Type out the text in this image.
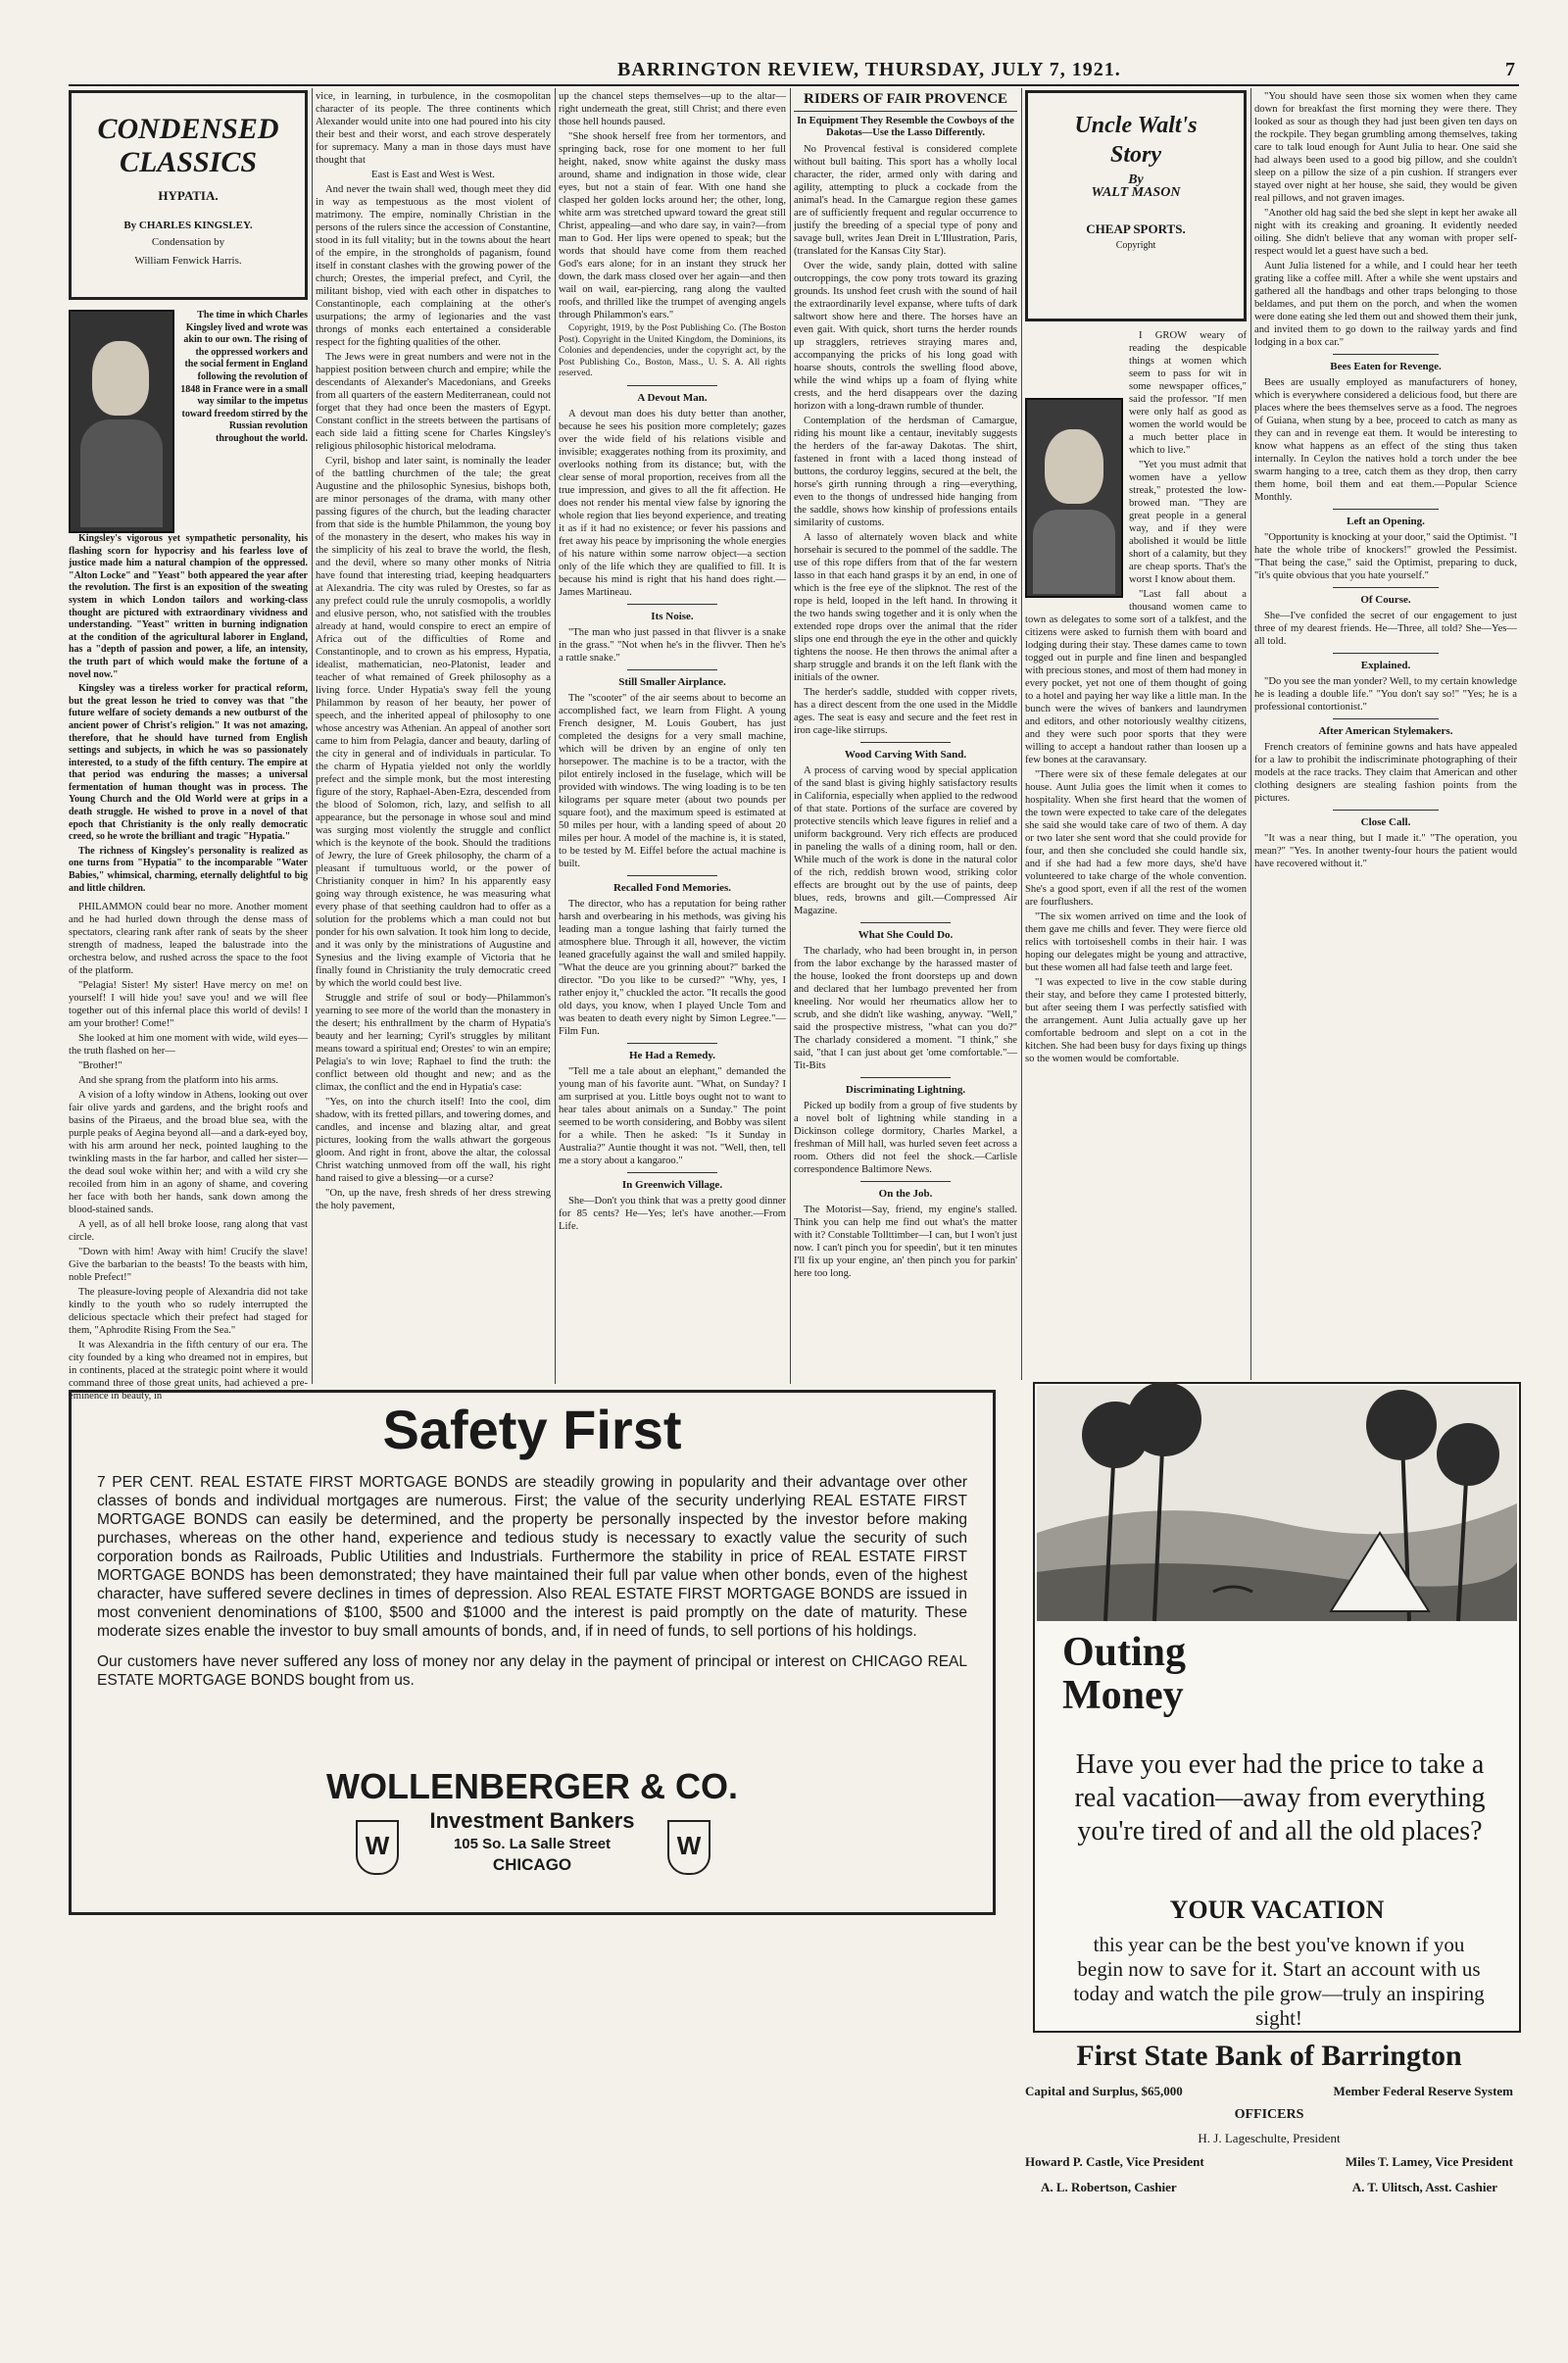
BARRINGTON REVIEW, THURSDAY, JULY 7, 1921.	7
CONDENSED
CLASSICS
HYPATIA.
By CHARLES KINGSLEY.
Condensation by
William Fenwick Harris.
The time in which Charles Kingsley lived and wrote was akin to our own. The rising of the oppressed workers and the social ferment in England following the revolution of 1848 in France were in a small way similar to the impetus toward freedom stirred by the Russian revolution throughout the world.

Kingsley's vigorous yet sympathetic personality, his flashing scorn for hypocrisy and his fearless love of justice made him a natural champion of the oppressed. "Alton Locke" and "Yeast" both appeared the year after the revolution. The first is an exposition of the sweating system in which London tailors and working-class thought are pictured with extraordinary vividness and understanding. "Yeast" written in burning indignation at the condition of the agricultural laborer in England, has a "depth of passion and power, a life, an intensity, the truth part of which would make the fortune of a novel now."

Kingsley was a tireless worker for practical reform, but the great lesson he tried to convey was that "the future welfare of society demands a new outburst of the ancient power of Christ's religion." It was not amazing, therefore, that he should have turned from English settings and subjects, in which he was so passionately interested, to a study of the fifth century. The empire at that period was enduring the masses; a universal fermentation of human thought was in process. The Young Church and the Old World were at grips in a death struggle. He wished to prove in a novel of that epoch that Christianity is the only really democratic creed, so he wrote the brilliant and tragic "Hypatia."

The richness of Kingsley's personality is realized as one turns from "Hypatia" to the incomparable "Water Babies," whimsical, charming, eternally delightful to big and little children.

PHILAMMON could bear no more. Another moment and he had hurled down through the dense mass of spectators, clearing rank after rank of seats by the sheer strength of madness, leaped the balustrade into the orchestra below, and rushed across the space to the foot of the platform.

"Pelagia! Sister! My sister! Have mercy on me! on yourself! I will hide you! save you! and we will flee together out of this infernal place this world of devils! I am your brother! Come!"

She looked at him one moment with wide, wild eyes—the truth flashed on her—

"Brother!"

And she sprang from the platform into his arms.

A vision of a lofty window in Athens, looking out over fair olive yards and gardens, and the bright roofs and basins of the Piraeus, and the broad blue sea, with the purple peaks of Aegina beyond all—and a dark-eyed boy, with his arm around her neck, pointed laughing to the twinkling masts in the far harbor, and called her sister—the dead soul woke within her; and with a wild cry she recoiled from him in an agony of shame, and covering her face with both her hands, sank down among the blood-stained sands.

A yell, as of all hell broke loose, rang along that vast circle.

"Down with him! Away with him! Crucify the slave! Give the barbarian to the beasts! To the beasts with him, noble Prefect!"

The pleasure-loving people of Alexandria did not take kindly to the youth who so rudely interrupted the delicious spectacle which their prefect had staged for them, "Aphrodite Rising From the Sea."

It was Alexandria in the fifth century of our era. The city founded by a king who dreamed not in empires, but in continents, placed at the strategic point where it would command three of those great units, had achieved a pre-eminence in beauty, in

vice, in learning, in turbulence, in the cosmopolitan character of its people. The three continents which Alexander would unite into one had poured into his city their best and their worst, and each strove desperately for supremacy. Many a man in those days must have thought that

East is East and West is West.

And never the twain shall wed, though meet they did in way as tempestuous as the most violent of matrimony. The empire, nominally Christian in the persons of the rulers since the accession of Constantine, stood in its full vitality; but in the towns about the heart of the empire, in the strongholds of paganism, found itself in constant clashes with the growing power of the church; Orestes, the imperial prefect, and Cyril, the militant bishop, vied with each other in dispatches to Constantinople, each complaining at the other's usurpations; the army of legionaries and the vast throngs of monks each entertained a considerable respect for the fighting qualities of the other.

The Jews were in great numbers and were not in the happiest position between church and empire; while the descendants of Alexander's Macedonians, and Greeks from all quarters of the eastern Mediterranean, could not forget that they had once been the masters of Egypt. Constant conflict in the streets between the partisans of each side laid a fitting scene for Charles Kingsley's religious philosophic historical melodrama.

Cyril, bishop and later saint, is nominally the leader of the battling churchmen of the tale; the great Augustine and the philosophic Synesius, bishops both, are minor personages of the drama, with many other passing figures of the church, but the leading character from that side is the humble Philammon, the young boy of the monastery in the desert, who makes his way in the simplicity of his zeal to brave the world, the flesh, and the devil, where so many other monks of Nitria have found that interesting triad, keeping headquarters at Alexandria. The city was ruled by Orestes, so far as any prefect could rule the unruly cosmopolis, a worldly and elusive person, who, not satisfied with the troubles already at hand, would conspire to erect an empire of Africa out of the difficulties of Rome and Constantinople, and to crown as his empress, Hypatia, idealist, mathematician, neo-Platonist, leader and teacher of what remained of Greek philosophy as a living force. Under Hypatia's sway fell the young Philammon by reason of her beauty, her power of speech, and the inherited appeal of philosophy to one whose ancestry was Athenian. An appeal of another sort came to him from Pelagia, dancer and beauty, darling of the city in general and of individuals in particular. To the charm of Hypatia yielded not only the worldly prefect and the simple monk, but the most interesting figure of the story, Raphael-Aben-Ezra, descended from the blood of Solomon, rich, lazy, and selfish to all appearance, but the personage in whose soul and mind was surging most violently the struggle and conflict which is the keynote of the book. Should the traditions of Jewry, the lure of Greek philosophy, the charm of a pleasant if tumultuous world, or the power of Christianity conquer in him? In his apparently easy going way through existence, he was measuring what every phase of that seething cauldron had to offer as a solution for the problems which a man could not but ponder for his own salvation. It took him long to decide, and it was only by the ministrations of Augustine and Synesius and the living example of Victoria that he finally found in Christianity the truly democratic creed by which the world could best live.

Struggle and strife of soul or body—Philammon's yearning to see more of the world than the monastery in the desert; his enthrallment by the charm of Hypatia's beauty and her learning; Cyril's struggles by militant means toward a spiritual end; Orestes' to win an empire; Pelagia's to win love; Raphael to find the truth: the conflict between old thought and new; and as the climax, the conflict and the end in Hypatia's case:

"Yes, on into the church itself! Into the cool, dim shadow, with its fretted pillars, and towering domes, and candles, and incense and blazing altar, and great pictures, looking from the walls athwart the gorgeous gloom. And right in front, above the altar, the colossal Christ watching unmoved from off the wall, his right hand raised to give a blessing—or a curse?

"On, up the nave, fresh shreds of her dress strewing the holy pavement,

up the chancel steps themselves—up to the altar—right underneath the great, still Christ; and there even those hell hounds paused.

"She shook herself free from her tormentors, and springing back, rose for one moment to her full height, naked, snow white against the dusky mass around, shame and indignation in those wide, clear eyes, but not a stain of fear. With one hand she clasped her golden locks around her; the other, long, white arm was stretched upward toward the great still Christ, appealing—and who dare say, in vain?—from man to God. Her lips were opened to speak; but the words that should have come from them reached God's ears alone; for in an instant they struck her down, the dark mass closed over her again—and then wail on wail, ear-piercing, rang along the vaulted roofs, and thrilled like the trumpet of avenging angels through Philammon's ears."

Copyright, 1919, by the Post Publishing Co. (The Boston Post). Copyright in the United Kingdom, the Dominions, its Colonies and dependencies, under the copyright act, by the Post Publishing Co., Boston, Mass., U. S. A. All rights reserved.

A Devout Man.

A devout man does his duty better than another, because he sees his position more completely; gazes over the wide field of his relations visible and invisible; exaggerates nothing from its proximity, and overlooks nothing from its distance; but, with the clear sense of moral proportion, receives from all the true impression, and gives to all the fit affection. He does not render his mental view false by ignoring the whole region that lies beyond experience, and treating it as if it had no existence; or fever his passions and fret away his peace by imprisoning the whole energies of his nature within some narrow object—a section only of the life which they are qualified to fill. It is because his mind is right that his hand does right.—James Martineau.

Its Noise.

"The man who just passed in that flivver is a snake in the grass." "Not when he's in the flivver. Then he's a rattle snake."

Still Smaller Airplance.

The "scooter" of the air seems about to become an accomplished fact, we learn from Flight. A young French designer, M. Louis Goubert, has just completed the designs for a very small machine, which will be driven by an engine of only ten horsepower. The machine is to be a tractor, with the pilot entirely inclosed in the fuselage, which will be provided with windows. The wing loading is to be ten kilograms per square meter (about two pounds per square foot), and the maximum speed is estimated at 50 miles per hour, with a landing speed of about 20 miles per hour. A model of the machine is, it is stated, to be tested by M. Eiffel before the actual machine is built.

Recalled Fond Memories.

The director, who has a reputation for being rather harsh and overbearing in his methods, was giving his leading man a tongue lashing that fairly turned the atmosphere blue. Through it all, however, the victim leaned gracefully against the wall and smiled happily. "What the deuce are you grinning about?" barked the director. "Do you like to be cursed?" "Why, yes, I rather enjoy it," chuckled the actor. "It recalls the good old days, you know, when I played Uncle Tom and was beaten to death every night by Simon Legree."—Film Fun.

He Had a Remedy.

"Tell me a tale about an elephant," demanded the young man of his favorite aunt. "What, on Sunday? I am surprised at you. Little boys ought not to want to hear tales about animals on a Sunday." The point seemed to be worth considering, and Bobby was silent for a while. Then he asked: "Is it Sunday in Australia?" Auntie thought it was not. "Well, then, tell me a story about a kangaroo."

In Greenwich Village.

She—Don't you think that was a pretty good dinner for 85 cents? He—Yes; let's have another.—From Life.

RIDERS OF FAIR PROVENCE
In Equipment They Resemble the Cowboys of the Dakotas—Use the Lasso Differently.

No Provencal festival is considered complete without bull baiting. This sport has a wholly local character, the rider, armed only with daring and agility, attempting to pluck a cockade from the animal's head. In the Camargue region these games are of sufficiently frequent and regular occurrence to justify the breeding of a special type of pony and savage bull, writes Jean Dreit in L'Illustration, Paris, (translated for the Kansas City Star).

Over the wide, sandy plain, dotted with saline outcroppings, the cow pony trots toward its grazing grounds. Its unshod feet crush with the sound of hail the extraordinarily level expanse, where tufts of dark saltwort show here and there. The horses have an even gait. With quick, short turns the herder rounds up stragglers, retrieves straying mares and, accompanying the pricks of his long goad with hoarse shouts, controls the swelling flood above, while the wind whips up a foam of flying white crests, and the herd disappears over the dazing horizon with a long-drawn rumble of thunder.

Contemplation of the herdsman of Camargue, riding his mount like a centaur, inevitably suggests the herders of the far-away Dakotas. The shirt, fastened in front with a laced thong instead of buttons, the corduroy leggins, secured at the belt, the horse's girth running through a ring—everything, even to the thongs of undressed hide hanging from the saddle, shows how kinship of professions entails similarity of customs.

A lasso of alternately woven black and white horsehair is secured to the pommel of the saddle. The use of this rope differs from that of the far western lasso in that each hand grasps it by an end, in one of which is the free eye of the slipknot. The rest of the rope is held, looped in the left hand. In throwing it the two hands swing together and it is only when the extended rope drops over the animal that the rider slips one end through the eye in the other and quickly tightens the noose. He then throws the animal after a sharp struggle and brands it on the left flank with the initials of the owner.

The herder's saddle, studded with copper rivets, has a direct descent from the one used in the Middle ages. The seat is easy and secure and the feet rest in iron cage-like stirrups.

Wood Carving With Sand.

A process of carving wood by special application of the sand blast is giving highly satisfactory results in California, especially when applied to the redwood of that state. Portions of the surface are covered by protective stencils which leave figures in relief and a uniform background. Very rich effects are produced in paneling the walls of a dining room, hall or den. While much of the work is done in the natural color of the rich, reddish brown wood, striking color effects are brought out by the use of paints, deep blues, reds, browns and gilt.—Compressed Air Magazine.

What She Could Do.

The charlady, who had been brought in, in person from the labor exchange by the harassed master of the house, looked the front doorsteps up and down and declared that her lumbago prevented her from kneeling. Nor would her rheumatics allow her to scrub, and she didn't like washing, anyway. "Well," said the prospective mistress, "what can you do?" The charlady considered a moment. "I think," she said, "that I can just about get 'ome comfortable."—Tit-Bits

Discriminating Lightning.

Picked up bodily from a group of five students by a novel bolt of lightning while standing in a Dickinson college dormitory, Charles Markel, a freshman of Mill hall, was hurled seven feet across a room. Others did not feel the shock.—Carlisle correspondence Baltimore News.

On the Job.

The Motorist—Say, friend, my engine's stalled. Think you can help me find out what's the matter with it? Constable Tollttimber—I can, but I won't just now. I can't pinch you for speedin', but it ten minutes I'll fix up your engine, an' then pinch you for parkin' here too long.

Uncle Walt's
Story
By
WALT MASON
CHEAP SPORTS.
Copyright

I GROW weary of reading the despicable things at women which seem to pass for wit in some newspaper offices," said the professor. "If men were only half as good as women the world would be a much better place in which to live."

"Yet you must admit that women have a yellow streak," protested the low-browed man. "They are great people in a general way, and if they were abolished it would be little short of a calamity, but they are cheap sports. That's the worst I know about them.

"Last fall about a thousand women came to town as delegates to some sort of a talkfest, and the citizens were asked to furnish them with board and lodging during their stay. These dames came to town togged out in purple and fine linen and bespangled with precious stones, and most of them had money in every pocket, yet not one of them thought of going to a hotel and paying her way like a little man. In the bunch were the wives of bankers and laundrymen and editors, and other notoriously wealthy citizens, and they were such poor sports that they were willing to accept a handout rather than loosen up a few bones at the caravansary.

"There were six of these female delegates at our house. Aunt Julia goes the limit when it comes to hospitality. When she first heard that the women of the town were expected to take care of the delegates she said she would take care of two of them. A day or two later she sent word that she could provide for four, and then she concluded she could handle six, and if she had had a few more days, she'd have volunteered to take charge of the whole convention. She's a good sport, even if all the rest of the women are fourflushers.

"The six women arrived on time and the look of them gave me chills and fever. They were fierce old relics with tortoiseshell combs in their hair. I was hoping our delegates might be young and attractive, but these women all had false teeth and large feet.

"I was expected to live in the cow stable during their stay, and before they came I protested bitterly, but after seeing them I was perfectly satisfied with the arrangement. Aunt Julia actually gave up her comfortable bedroom and slept on a cot in the kitchen. She had been busy for days fixing up things so the women would be comfortable.

"You should have seen those six women when they came down for breakfast the first morning they were there. They looked as sour as though they had just been given ten days on the rockpile. They began grumbling among themselves, taking care to talk loud enough for Aunt Julia to hear. One said she had always been used to a good big pillow, and she couldn't sleep on a pillow the size of a pin cushion. If strangers ever stayed over night at her house, she said, they would be given real pillows, and not graven images.

"Another old hag said the bed she slept in kept her awake all night with its creaking and groaning. It evidently needed oiling. She didn't believe that any woman with proper self-respect would let a guest have such a bed.

Aunt Julia listened for a while, and I could hear her teeth grating like a coffee mill. After a while she went upstairs and gathered all the handbags and other traps belonging to those beldames, and put them on the porch, and when the women were done eating she led them out and showed them their junk, and invited them to go down to the railway yards and find lodging in a box car."

Bees Eaten for Revenge.

Bees are usually employed as manufacturers of honey, which is everywhere considered a delicious food, but there are places where the bees themselves serve as a food. The negroes of Guiana, when stung by a bee, proceed to catch as many as they can and in revenge eat them. It would be interesting to know what happens as an effect of the sting thus taken internally. In Ceylon the natives hold a torch under the bee swarm hanging to a tree, catch them as they drop, then carry them home, boil them and eat them.—Popular Science Monthly.

Left an Opening.

"Opportunity is knocking at your door," said the Optimist. "I hate the whole tribe of knockers!" growled the Pessimist. "That being the case," said the Optimist, preparing to duck, "it's quite obvious that you hate yourself."

Of Course.

She—I've confided the secret of our engagement to just three of my dearest friends. He—Three, all told? She—Yes—all told.

Explained.

"Do you see the man yonder? Well, to my certain knowledge he is leading a double life." "You don't say so!" "Yes; he is a professional contortionist."

After American Stylemakers.

French creators of feminine gowns and hats have appealed for a law to prohibit the indiscriminate photographing of their models at the race tracks. They claim that American and other clothing designers are stealing fashion points from the pictures.

Close Call.

"It was a near thing, but I made it." "The operation, you mean?" "Yes. In another twenty-four hours the patient would have recovered without it."

Safety First
7 PER CENT. REAL ESTATE FIRST MORTGAGE BONDS are steadily growing in popularity and their advantage over other classes of bonds and individual mortgages are numerous. First; the value of the security underlying REAL ESTATE FIRST MORTGAGE BONDS can easily be determined, and the property be personally inspected by the investor before making purchases, whereas on the other hand, experience and tedious study is necessary to exactly value the security of such corporation bonds as Railroads, Public Utilities and Industrials. Furthermore the stability in price of REAL ESTATE FIRST MORTGAGE BONDS has been demonstrated; they have maintained their full par value when other bonds, even of the highest character, have suffered severe declines in times of depression. Also REAL ESTATE FIRST MORTGAGE BONDS are issued in most convenient denominations of $100, $500 and $1000 and the interest is paid promptly on the date of maturity. These moderate sizes enable the investor to buy small amounts of bonds, and, if in need of funds, to sell portions of his holdings.
Our customers have never suffered any loss of money nor any delay in the payment of principal or interest on CHICAGO REAL ESTATE MORTGAGE BONDS bought from us.
W	W
WOLLENBERGER & CO.
Investment Bankers
105 So. La Salle Street
CHICAGO
Outing
Money
Have you ever had the price to take a real vacation—away from everything you're tired of and all the old places?
YOUR VACATION
this year can be the best you've known if you begin now to save for it. Start an account with us today and watch the pile grow—truly an inspiring sight!
First State Bank of Barrington
Capital and Surplus, $65,000	Member Federal Reserve System
OFFICERS
H. J. Lageschulte, President
Howard P. Castle, Vice President	Miles T. Lamey, Vice President
A. L. Robertson, Cashier	A. T. Ulitsch, Asst. Cashier
